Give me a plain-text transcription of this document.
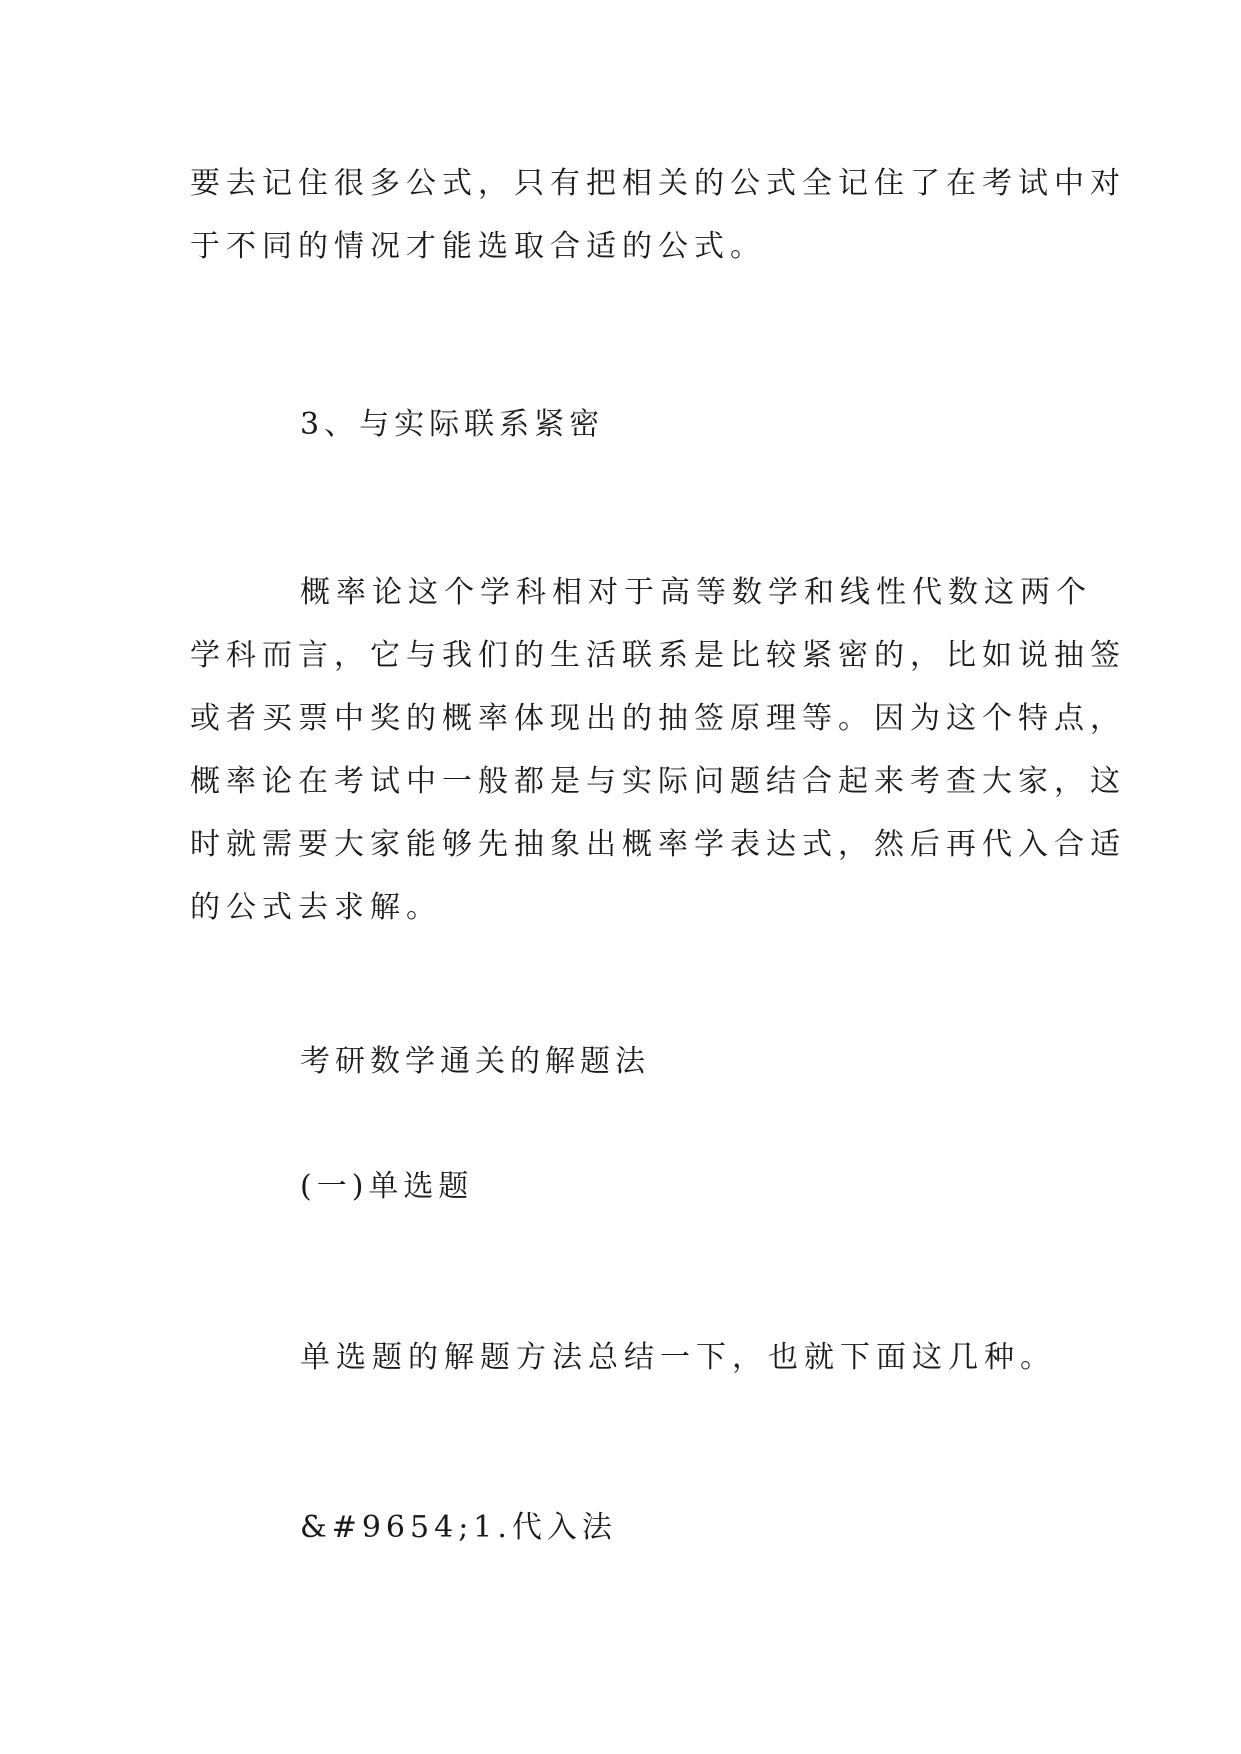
要去记住很多公式，只有把相关的公式全记住了在考试中对
于不同的情况才能选取合适的公式。

3、与实际联系紧密

概率论这个学科相对于高等数学和线性代数这两个
学科而言，它与我们的生活联系是比较紧密的，比如说抽签
或者买票中奖的概率体现出的抽签原理等。因为这个特点，
概率论在考试中一般都是与实际问题结合起来考查大家，这
时就需要大家能够先抽象出概率学表达式，然后再代入合适
的公式去求解。

考研数学通关的解题法

(一)单选题

单选题的解题方法总结一下，也就下面这几种。

&#9654;1.代入法
